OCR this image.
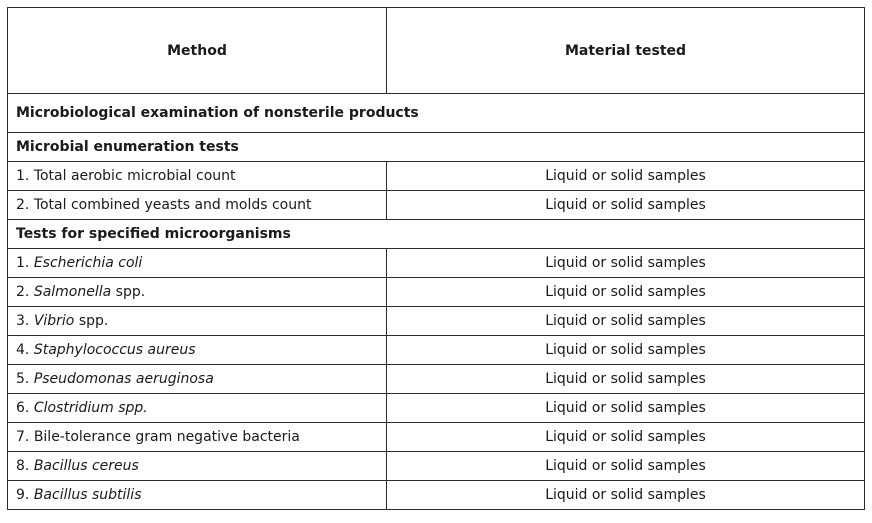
Method	Material tested
Microbiological examination of nonsterile products	
Microbial enumeration tests	
1. Total aerobic microbial count	Liquid or solid samples
2. Total combined yeasts and molds count	Liquid or solid samples
Tests for specified microorganisms	
1. Escherichia coli	Liquid or solid samples
2. Salmonella spp.	Liquid or solid samples
3. Vibrio spp.	Liquid or solid samples
4. Staphylococcus aureus	Liquid or solid samples
5. Pseudomonas aeruginosa	Liquid or solid samples
6. Clostridium spp.	Liquid or solid samples
7. Bile-tolerance gram negative bacteria	Liquid or solid samples
8. Bacillus cereus	Liquid or solid samples
9. Bacillus subtilis	Liquid or solid samples
